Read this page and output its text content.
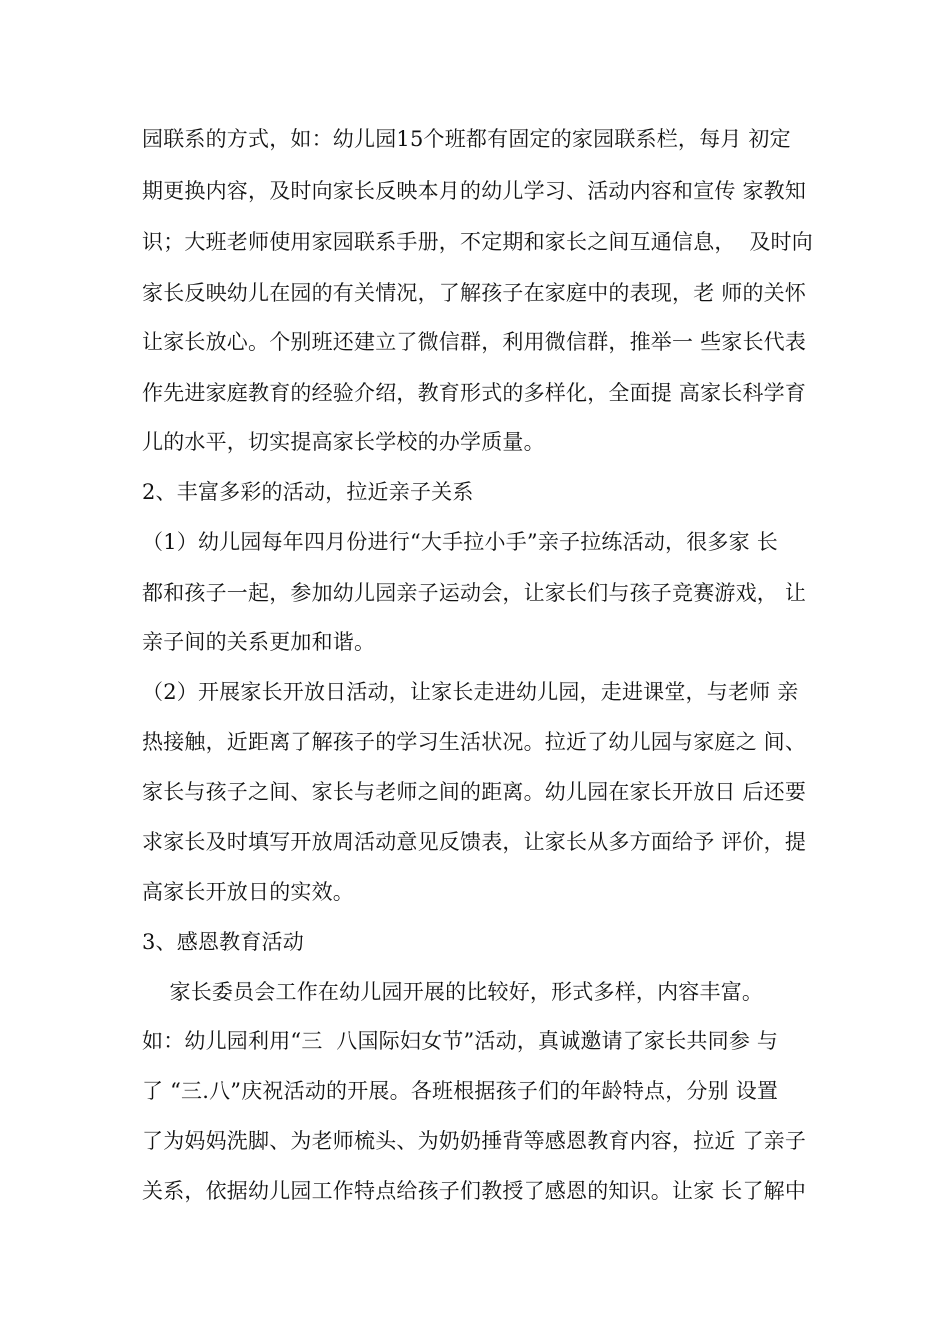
园联系的方式，如：幼儿园15个班都有固定的家园联系栏，每月 初定
期更换内容，及时向家长反映本月的幼儿学习、活动内容和宣传 家教知
识；大班老师使用家园联系手册，不定期和家长之间互通信息，  及时向
家长反映幼儿在园的有关情况，了解孩子在家庭中的表现，老 师的关怀
让家长放心。个别班还建立了微信群，利用微信群，推举一 些家长代表
作先进家庭教育的经验介绍，教育形式的多样化，全面提 高家长科学育
儿的水平，切实提高家长学校的办学质量。
2、丰富多彩的活动，拉近亲子关系
（1）幼儿园每年四月份进行“大手拉小手”亲子拉练活动，很多家 长
都和孩子一起，参加幼儿园亲子运动会，让家长们与孩子竞赛游戏， 让
亲子间的关系更加和谐。
（2）开展家长开放日活动，让家长走进幼儿园，走进课堂，与老师 亲
热接触，近距离了解孩子的学习生活状况。拉近了幼儿园与家庭之 间、
家长与孩子之间、家长与老师之间的距离。幼儿园在家长开放日 后还要
求家长及时填写开放周活动意见反馈表，让家长从多方面给予 评价，提
高家长开放日的实效。
3、感恩教育活动
家长委员会工作在幼儿园开展的比较好，形式多样，内容丰富。
如：幼儿园利用“三  八国际妇女节”活动，真诚邀请了家长共同参 与
了 “三.八”庆祝活动的开展。各班根据孩子们的年龄特点，分别 设置
了为妈妈洗脚、为老师梳头、为奶奶捶背等感恩教育内容，拉近 了亲子
关系，依据幼儿园工作特点给孩子们教授了感恩的知识。让家 长了解中
